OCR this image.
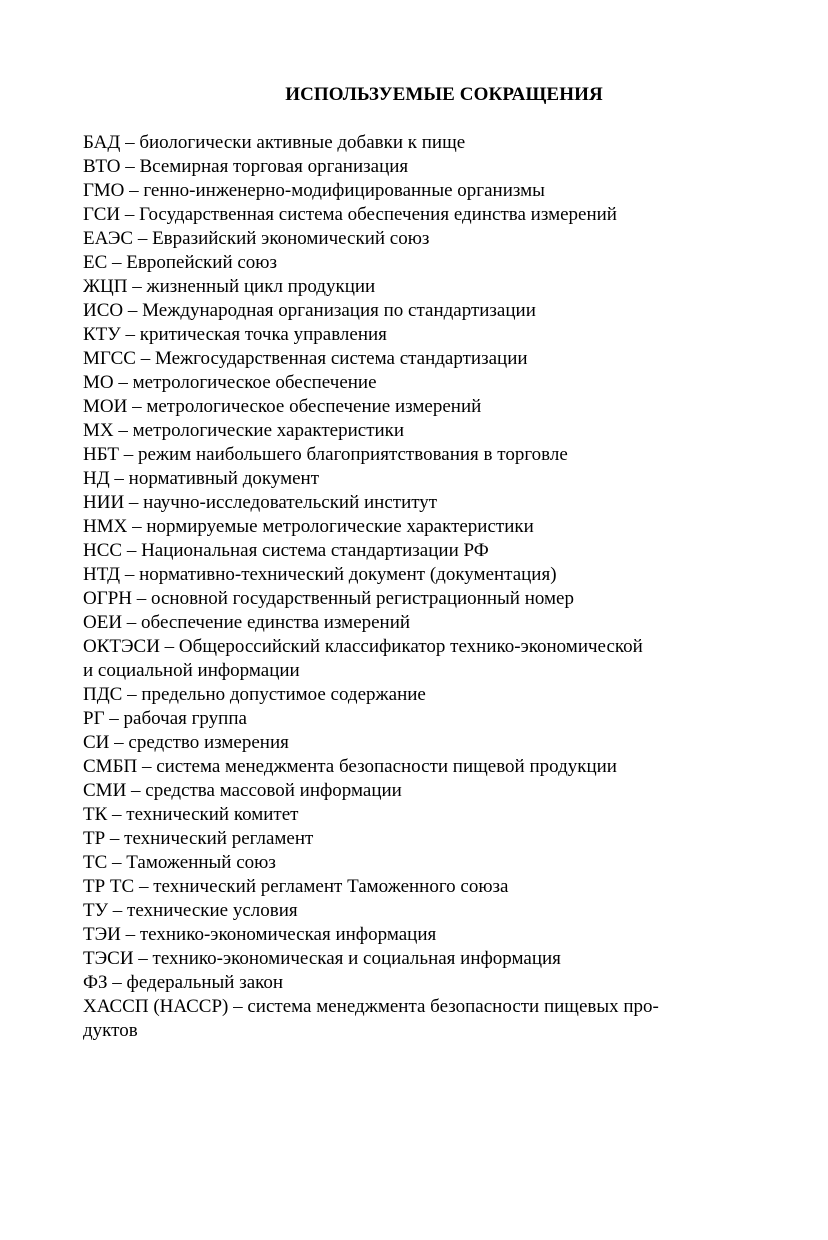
ИСПОЛЬЗУЕМЫЕ СОКРАЩЕНИЯ
БАД – биологически активные добавки к пище
ВТО – Всемирная торговая организация
ГМО – генно-инженерно-модифицированные организмы
ГСИ – Государственная система обеспечения единства измерений
ЕАЭС – Евразийский экономический союз
ЕС – Европейский союз
ЖЦП – жизненный цикл продукции
ИСО – Международная организация по стандартизации
КТУ – критическая точка управления
МГСС – Межгосударственная система стандартизации
МО – метрологическое обеспечение
МОИ – метрологическое обеспечение измерений
МХ – метрологические характеристики
НБТ – режим наибольшего благоприятствования в торговле
НД – нормативный документ
НИИ – научно-исследовательский институт
НМХ – нормируемые метрологические характеристики
НСС – Национальная система стандартизации РФ
НТД – нормативно-технический документ (документация)
ОГРН – основной государственный регистрационный номер
ОЕИ – обеспечение единства измерений
ОКТЭСИ – Общероссийский классификатор технико-экономической
и социальной информации
ПДС – предельно допустимое содержание
РГ – рабочая группа
СИ – средство измерения
СМБП – система менеджмента безопасности пищевой продукции
СМИ – средства массовой информации
ТК – технический комитет
ТР – технический регламент
ТС – Таможенный союз
ТР ТС – технический регламент Таможенного союза
ТУ – технические условия
ТЭИ – технико-экономическая информация
ТЭСИ – технико-экономическая и социальная информация
ФЗ – федеральный закон
ХАССП (НАССР) – система менеджмента безопасности пищевых про-
дуктов
